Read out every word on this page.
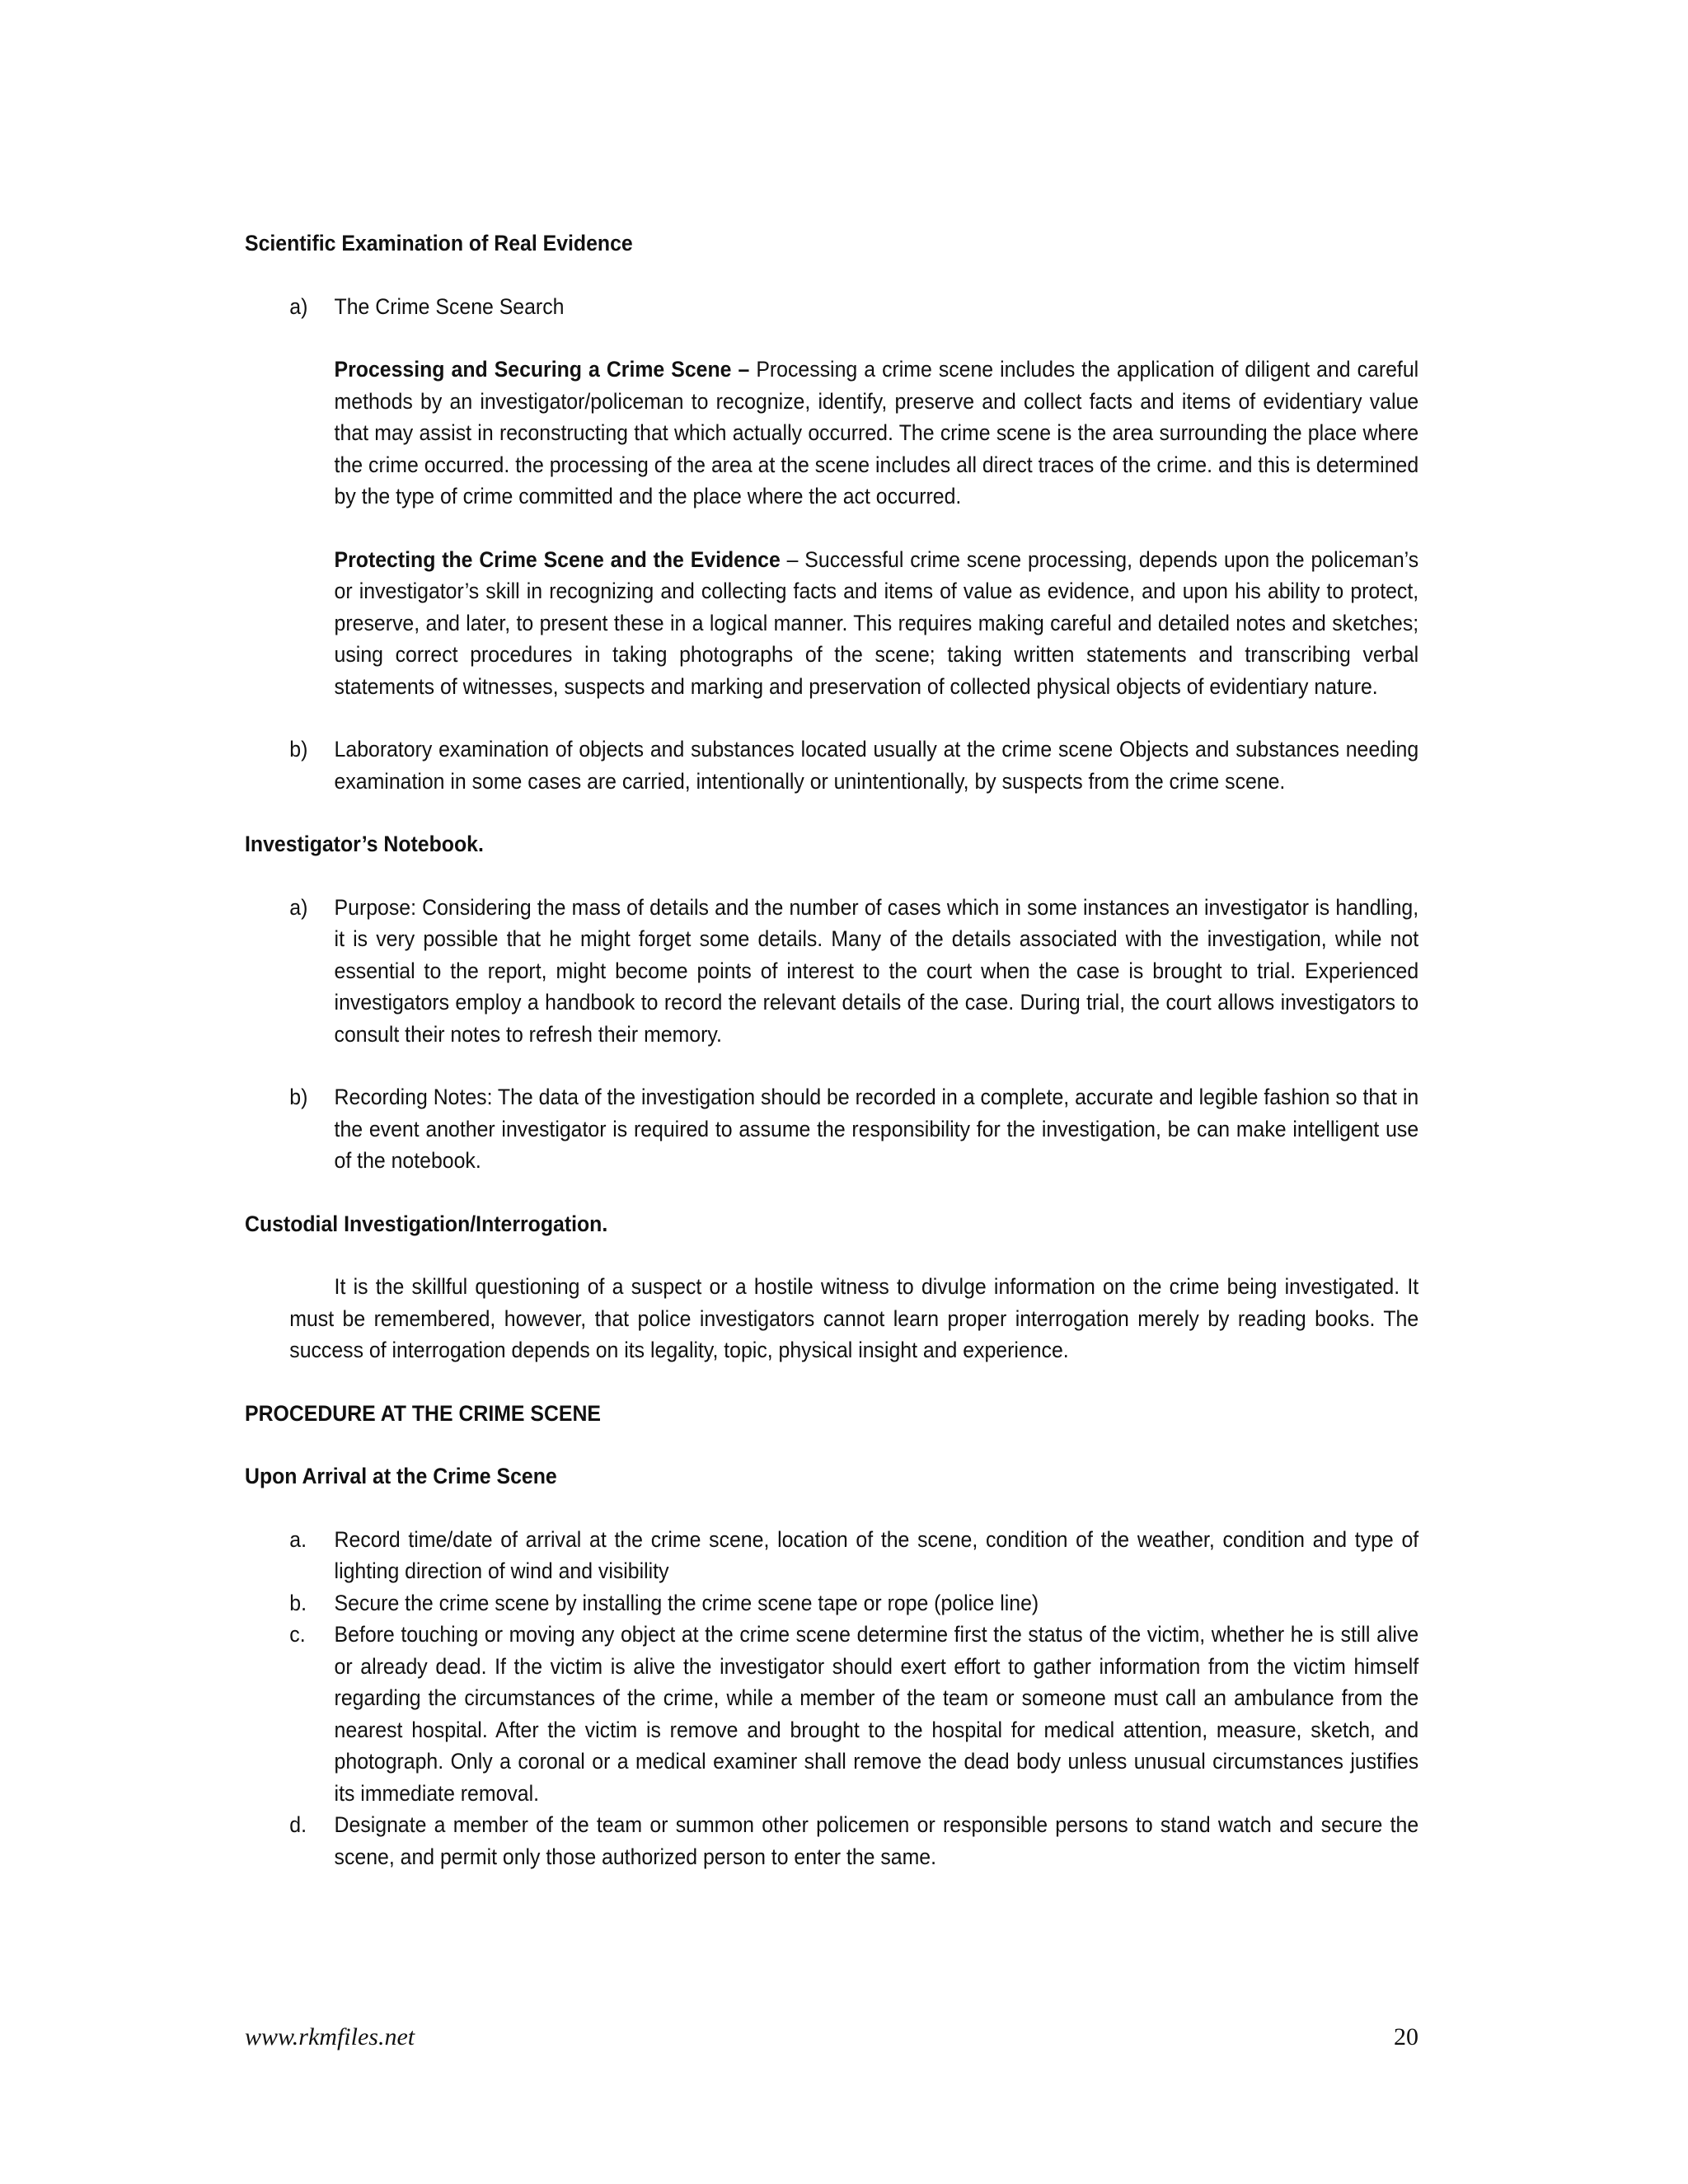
Scientific Examination of Real Evidence

a)	The Crime Scene Search

Processing and Securing a Crime Scene – Processing a crime scene includes the application of diligent and careful methods by an investigator/policeman to recognize, identify, preserve and collect facts and items of evidentiary value that may assist in reconstructing that which actually occurred. The crime scene is the area surrounding the place where the crime occurred. the processing of the area at the scene includes all direct traces of the crime. and this is determined by the type of crime committed and the place where the act occurred.

Protecting the Crime Scene and the Evidence – Successful crime scene processing, depends upon the policeman’s or investigator’s skill in recognizing and collecting facts and items of value as evidence, and upon his ability to protect, preserve, and later, to present these in a logical manner. This requires making careful and detailed notes and sketches; using correct procedures in taking photographs of the scene; taking written statements and transcribing verbal statements of witnesses, suspects and marking and preservation of collected physical objects of evidentiary nature.

b)	Laboratory examination of objects and substances located usually at the crime scene Objects and substances needing examination in some cases are carried, intentionally or unintentionally, by suspects from the crime scene.

Investigator’s Notebook.

a)	Purpose: Considering the mass of details and the number of cases which in some instances an investigator is handling, it is very possible that he might forget some details. Many of the details associated with the investigation, while not essential to the report, might become points of interest to the court when the case is brought to trial. Experienced investigators employ a handbook to record the relevant details of the case. During trial, the court allows investigators to consult their notes to refresh their memory.
b)	Recording Notes: The data of the investigation should be recorded in a complete, accurate and legible fashion so that in the event another investigator is required to assume the responsibility for the investigation, be can make intelligent use of the notebook.

Custodial Investigation/Interrogation.

It is the skillful questioning of a suspect or a hostile witness to divulge information on the crime being investigated. It must be remembered, however, that police investigators cannot learn proper interrogation merely by reading books. The success of interrogation depends on its legality, topic, physical insight and experience.

PROCEDURE AT THE CRIME SCENE

Upon Arrival at the Crime Scene

a.	Record time/date of arrival at the crime scene, location of the scene, condition of the weather, condition and type of lighting direction of wind and visibility
b.	Secure the crime scene by installing the crime scene tape or rope (police line)
c.	Before touching or moving any object at the crime scene determine first the status of the victim, whether he is still alive or already dead. If the victim is alive the investigator should exert effort to gather information from the victim himself regarding the circumstances of the crime, while a member of the team or someone must call an ambulance from the nearest hospital. After the victim is remove and brought to the hospital for medical attention, measure, sketch, and photograph. Only a coronal or a medical examiner shall remove the dead body unless unusual circumstances justifies its immediate removal.
d.	Designate a member of the team or summon other policemen or responsible persons to stand watch and secure the scene, and permit only those authorized person to enter the same.
www.rkmfiles.net	20
